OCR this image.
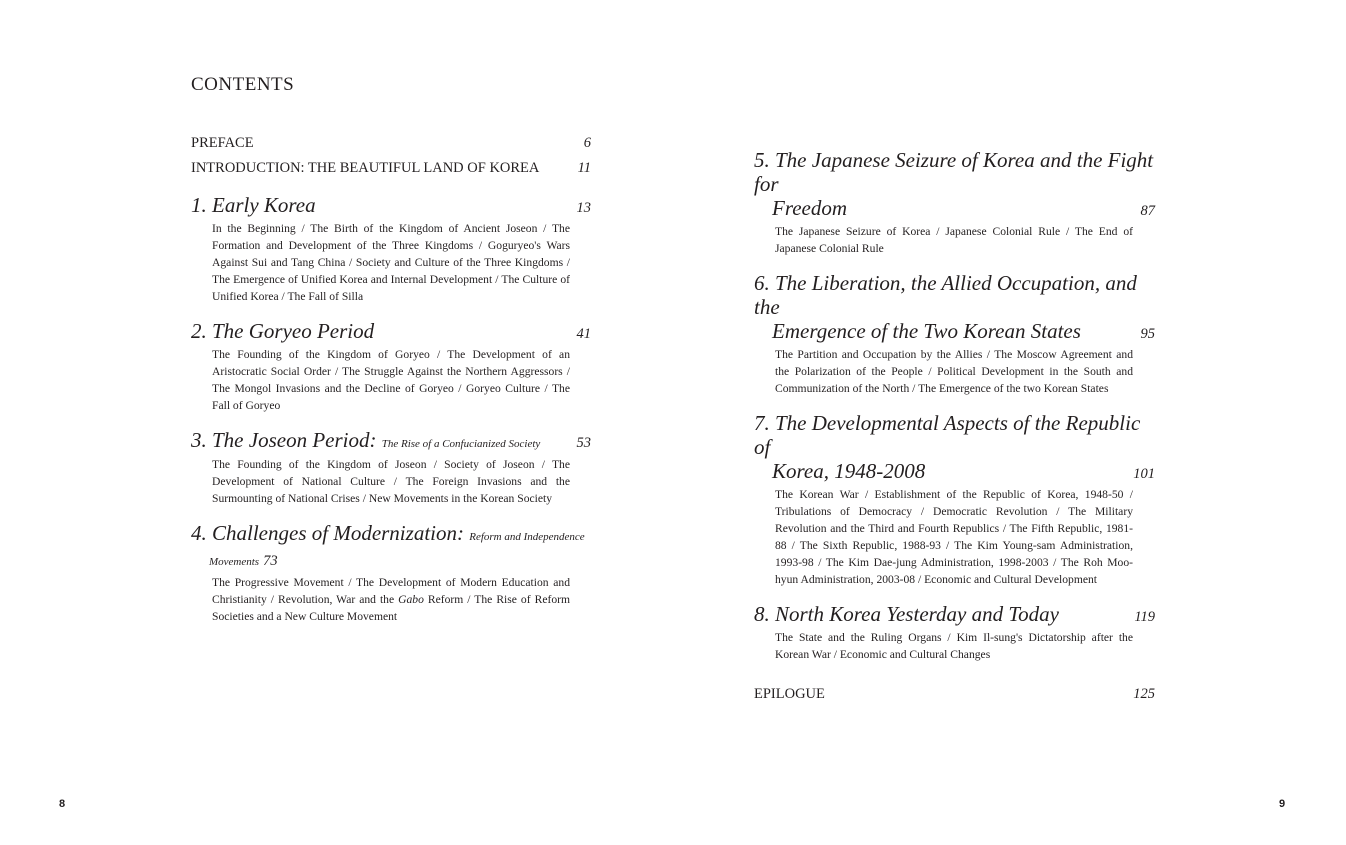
CONTENTS
PREFACE	6
INTRODUCTION: THE BEAUTIFUL LAND OF KOREA	11
1. Early Korea	13
In the Beginning / The Birth of the Kingdom of Ancient Joseon / The Formation and Development of the Three Kingdoms / Goguryeo's Wars Against Sui and Tang China / Society and Culture of the Three Kingdoms / The Emergence of Unified Korea and Internal Development / The Culture of Unified Korea / The Fall of Silla
2. The Goryeo Period	41
The Founding of the Kingdom of Goryeo / The Development of an Aristocratic Social Order / The Struggle Against the Northern Aggressors / The Mongol Invasions and the Decline of Goryeo / Goryeo Culture / The Fall of Goryeo
3. The Joseon Period: The Rise of a Confucianized Society 53
The Founding of the Kingdom of Joseon / Society of Joseon / The Development of National Culture / The Foreign Invasions and the Surmounting of National Crises / New Movements in the Korean Society
4. Challenges of Modernization: Reform and Independence
Movements 73
The Progressive Movement / The Development of Modern Education and Christianity / Revolution, War and the Gabo Reform / The Rise of Reform Societies and a New Culture Movement
5. The Japanese Seizure of Korea and the Fight for
Freedom	87
The Japanese Seizure of Korea / Japanese Colonial Rule / The End of Japanese Colonial Rule
6. The Liberation, the Allied Occupation, and the
Emergence of the Two Korean States	95
The Partition and Occupation by the Allies / The Moscow Agreement and the Polarization of the People / Political Development in the South and Communization of the North / The Emergence of the two Korean States
7. The Developmental Aspects of the Republic of
Korea, 1948-2008	101
The Korean War / Establishment of the Republic of Korea, 1948-50 / Tribulations of Democracy / Democratic Revolution / The Military Revolution and the Third and Fourth Republics / The Fifth Republic, 1981-88 / The Sixth Republic, 1988-93 / The Kim Young-sam Administration, 1993-98 / The Kim Dae-jung Administration, 1998-2003 / The Roh Moo-hyun Administration, 2003-08 / Economic and Cultural Development
8. North Korea Yesterday and Today	119
The State and the Ruling Organs / Kim Il-sung's Dictatorship after the Korean War / Economic and Cultural Changes
EPILOGUE	125
8	9
